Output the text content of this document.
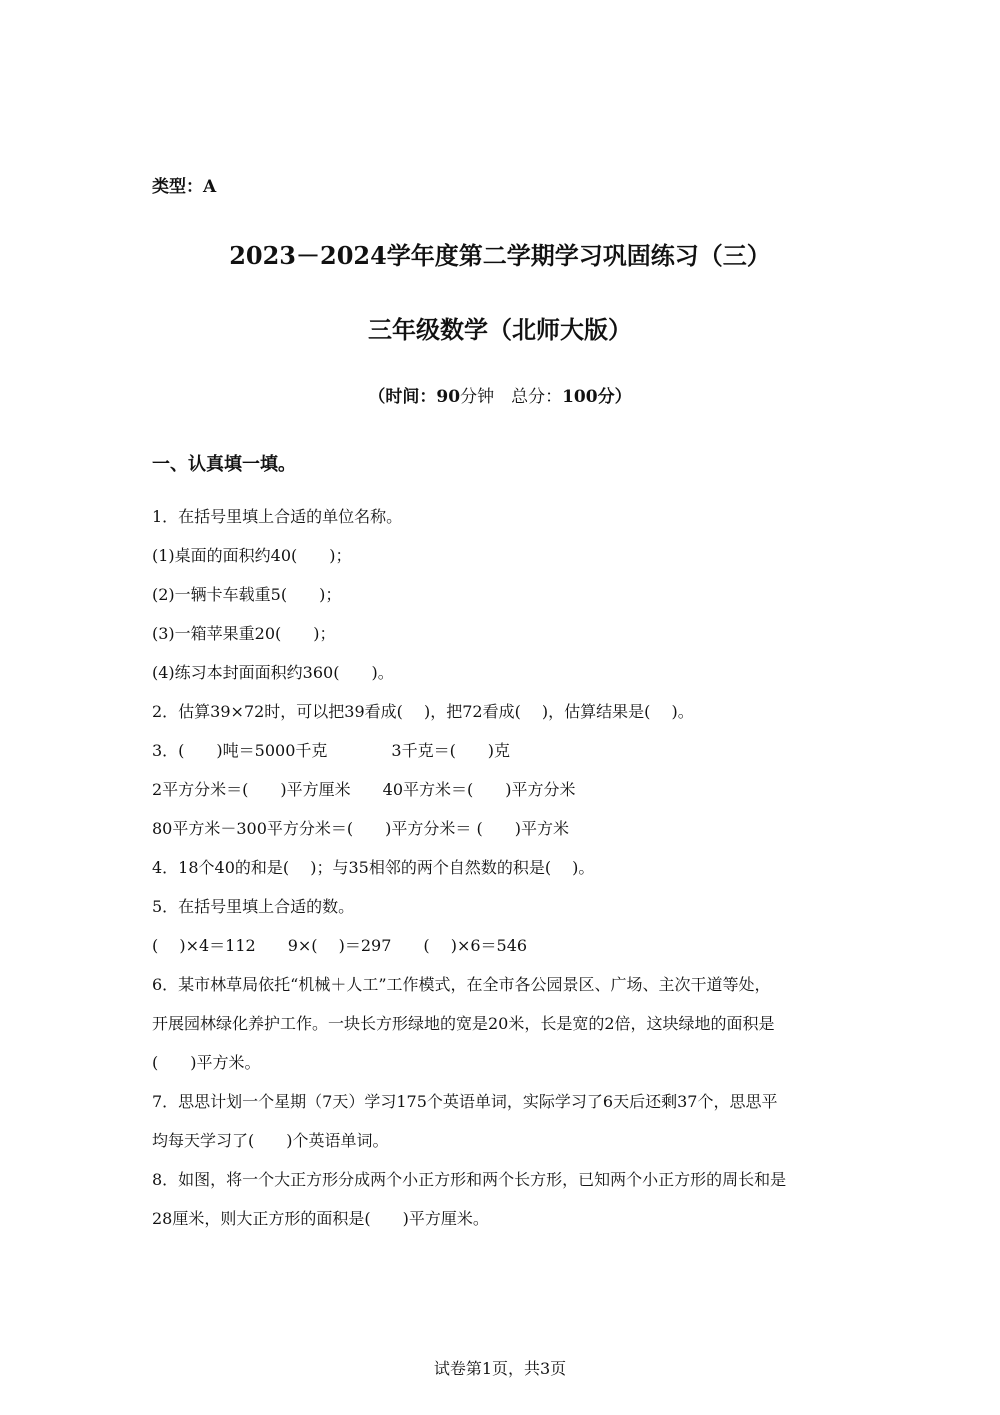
类型：A
2023－2024学年度第二学期学习巩固练习（三）
三年级数学（北师大版）
（时间：90分钟　总分：100分）
一、认真填一填。
1．在括号里填上合适的单位名称。
(1)桌面的面积约40(　　)；
(2)一辆卡车载重5(　　)；
(3)一箱苹果重20(　　)；
(4)练习本封面面积约360(　　)。
2．估算39×72时，可以把39看成(　 )，把72看成(　 )，估算结果是(　 )。
3．(　　)吨＝5000千克　　　　3千克＝(　　)克
2平方分米＝(　　)平方厘米　　40平方米＝(　　)平方分米
80平方米－300平方分米＝(　　)平方分米＝ (　　)平方米
4．18个40的和是(　 )；与35相邻的两个自然数的积是(　 )。
5．在括号里填上合适的数。
(　 )×4＝112　　9×(　 )＝297　　(　 )×6＝546
6．某市林草局依托“机械＋人工”工作模式，在全市各公园景区、广场、主次干道等处，
开展园林绿化养护工作。一块长方形绿地的宽是20米，长是宽的2倍，这块绿地的面积是
(　　)平方米。
7．思思计划一个星期（7天）学习175个英语单词，实际学习了6天后还剩37个，思思平
均每天学习了(　　)个英语单词。
8．如图，将一个大正方形分成两个小正方形和两个长方形，已知两个小正方形的周长和是
28厘米，则大正方形的面积是(　　)平方厘米。
试卷第1页，共3页
